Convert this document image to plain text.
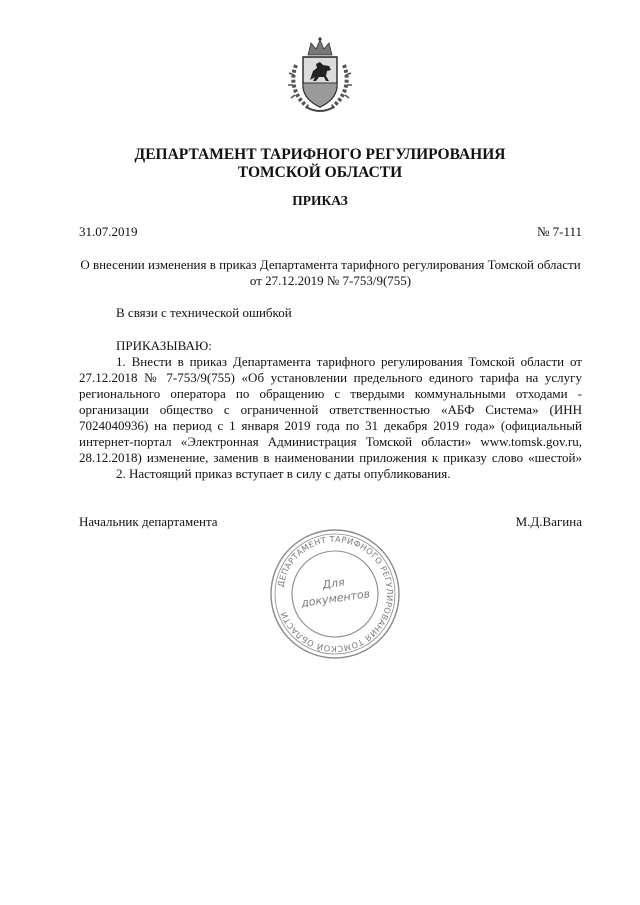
ДЕПАРТАМЕНТ ТАРИФНОГО РЕГУЛИРОВАНИЯ
ТОМСКОЙ ОБЛАСТИ
ПРИКАЗ
31.07.2019	№ 7-111
О внесении изменения в приказ Департамента тарифного регулирования Томской области
от 27.12.2019 № 7-753/9(755)
В связи с технической ошибкой
ПРИКАЗЫВАЮ:
1. Внести в приказ Департамента тарифного регулирования Томской области от 27.12.2018 № 7-753/9(755) «Об установлении предельного единого тарифа на услугу регионального оператора по обращению с твердыми коммунальными отходами - организации общество с ограниченной ответственностью «АБФ Система» (ИНН 7024040936) на период с 1 января 2019 года по 31 декабря 2019 года» (официальный интернет-портал «Электронная Администрация Томской области» www.tomsk.gov.ru, 28.12.2018) изменение, заменив в наименовании приложения к приказу слово «шестой»
2. Настоящий приказ вступает в силу с даты опубликования.
Начальник департамента	М.Д.Вагина
ДЕПАРТАМЕНТ ТАРИФНОГО РЕГУЛИРОВАНИЯ ТОМСКОЙ ОБЛАСТИ
Для
документов
